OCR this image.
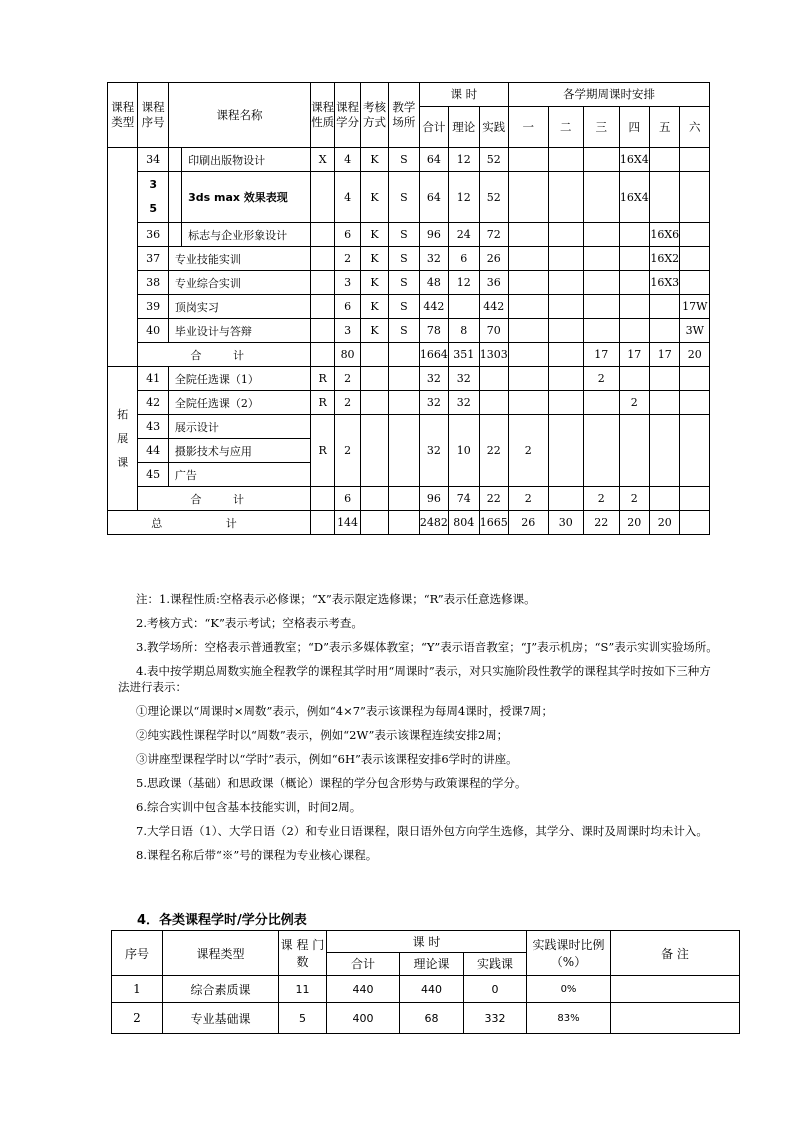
课程类型	课程序号	课程名称		课程性质	课程学分	考核方式	教学场所	课 时			各学期周课时安排					
								合计	理论	实践	一	二	三	四	五	六
	34		印刷出版物设计	X	4	K	S	64	12	52				16X4		
	35		3ds max 效果表现		4	K	S	64	12	52				16X4		
	36		标志与企业形象设计		6	K	S	96	24	72					16X6	
	37	专业技能实训			2	K	S	32	6	26					16X2	
	38	专业综合实训			3	K	S	48	12	36					16X3	
	39	顶岗实习			6	K	S	442		442						17W
	40	毕业设计与答辩			3	K	S	78	8	70						3W
	合 计				80			1664	351	1303			17	17	17	20
拓展课	41	全院任选课（1）		R	2			32	32				2			
	42	全院任选课（2）		R	2			32	32					2		
	43	展示设计		R	2			32	10	22	2					
	44	摄影技术与应用														
	45	广告														
	合 计				6			96	74	22	2		2	2		
总 计					144			2482	804	1665	26	30	22	20	20	

注：1.课程性质:空格表示必修课；“X”表示限定选修课；“R”表示任意选修课。

2.考核方式：“K”表示考试；空格表示考查。

3.教学场所：空格表示普通教室；“D”表示多媒体教室；“Y”表示语音教室；“J”表示机房；“S”表示实训实验场所。

4.表中按学期总周数实施全程教学的课程其学时用“周课时”表示，对只实施阶段性教学的课程其学时按如下三种方法进行表示：

①理论课以“周课时×周数”表示，例如“4×7”表示该课程为每周4课时，授课7周；

②纯实践性课程学时以“周数”表示，例如“2W”表示该课程连续安排2周；

③讲座型课程学时以“学时”表示，例如“6H”表示该课程安排6学时的讲座。

5.思政课（基础）和思政课（概论）课程的学分包含形势与政策课程的学分。

6.综合实训中包含基本技能实训，时间2周。

7.大学日语（1）、大学日语（2）和专业日语课程，限日语外包方向学生选修，其学分、课时及周课时均未计入。

8.课程名称后带“※”号的课程为专业核心课程。

4．各类课程学时/学分比例表
序号	课程类型	课 程 门 数	课 时			实践课时比例（%）	备 注
			合计	理论课	实践课		
1	综合素质课	11	440	440	0	0%	
2	专业基础课	5	400	68	332	83%	
